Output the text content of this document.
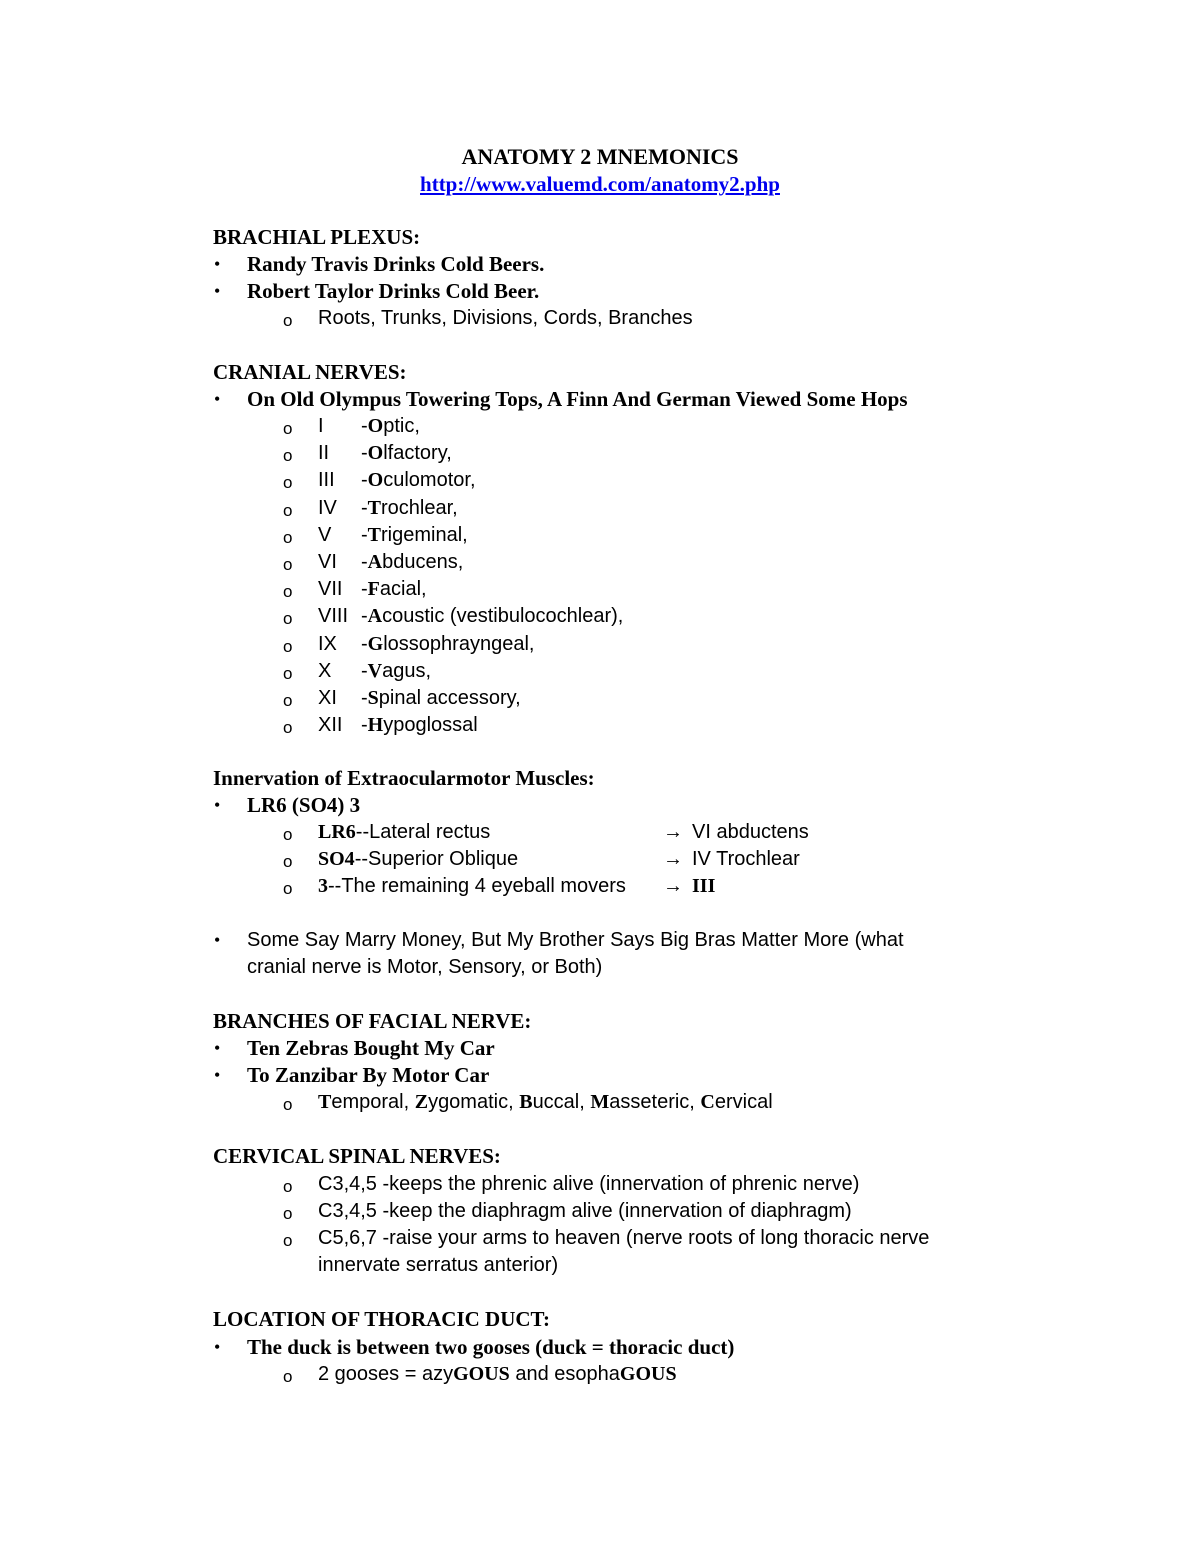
ANATOMY 2 MNEMONICS
http://www.valuemd.com/anatomy2.php
BRACHIAL PLEXUS:
• Randy Travis Drinks Cold Beers.
• Robert Taylor Drinks Cold Beer.
o Roots, Trunks, Divisions, Cords, Branches
CRANIAL NERVES:
• On Old Olympus Towering Tops, A Finn And German Viewed Some Hops
o I	-Optic,
o II	-Olfactory,
o III	-Oculomotor,
o IV	-Trochlear,
o V	-Trigeminal,
o VI	-Abducens,
o VII -Facial,
o VIII -Acoustic (vestibulocochlear),
o IX	-Glossophrayngeal,
o X	-Vagus,
o XI	-Spinal accessory,
o XII -Hypoglossal
Innervation of Extraocularmotor Muscles:
• LR6 (SO4) 3
o LR6--Lateral rectus	→ VI abductens
o SO4--Superior Oblique	→ IV Trochlear
o 3--The remaining 4 eyeball movers → III
• Some Say Marry Money, But My Brother Says Big Bras Matter More (what
cranial nerve is Motor, Sensory, or Both)
BRANCHES OF FACIAL NERVE:
• Ten Zebras Bought My Car
• To Zanzibar By Motor Car
o Temporal, Zygomatic, Buccal, Masseteric, Cervical
CERVICAL SPINAL NERVES:
o C3,4,5 -keeps the phrenic alive (innervation of phrenic nerve)
o C3,4,5 -keep the diaphragm alive (innervation of diaphragm)
o C5,6,7 -raise your arms to heaven (nerve roots of long thoracic nerve
innervate serratus anterior)
LOCATION OF THORACIC DUCT:
• The duck is between two gooses (duck = thoracic duct)
o 2 gooses = azyGOUS and esophaGOUS
